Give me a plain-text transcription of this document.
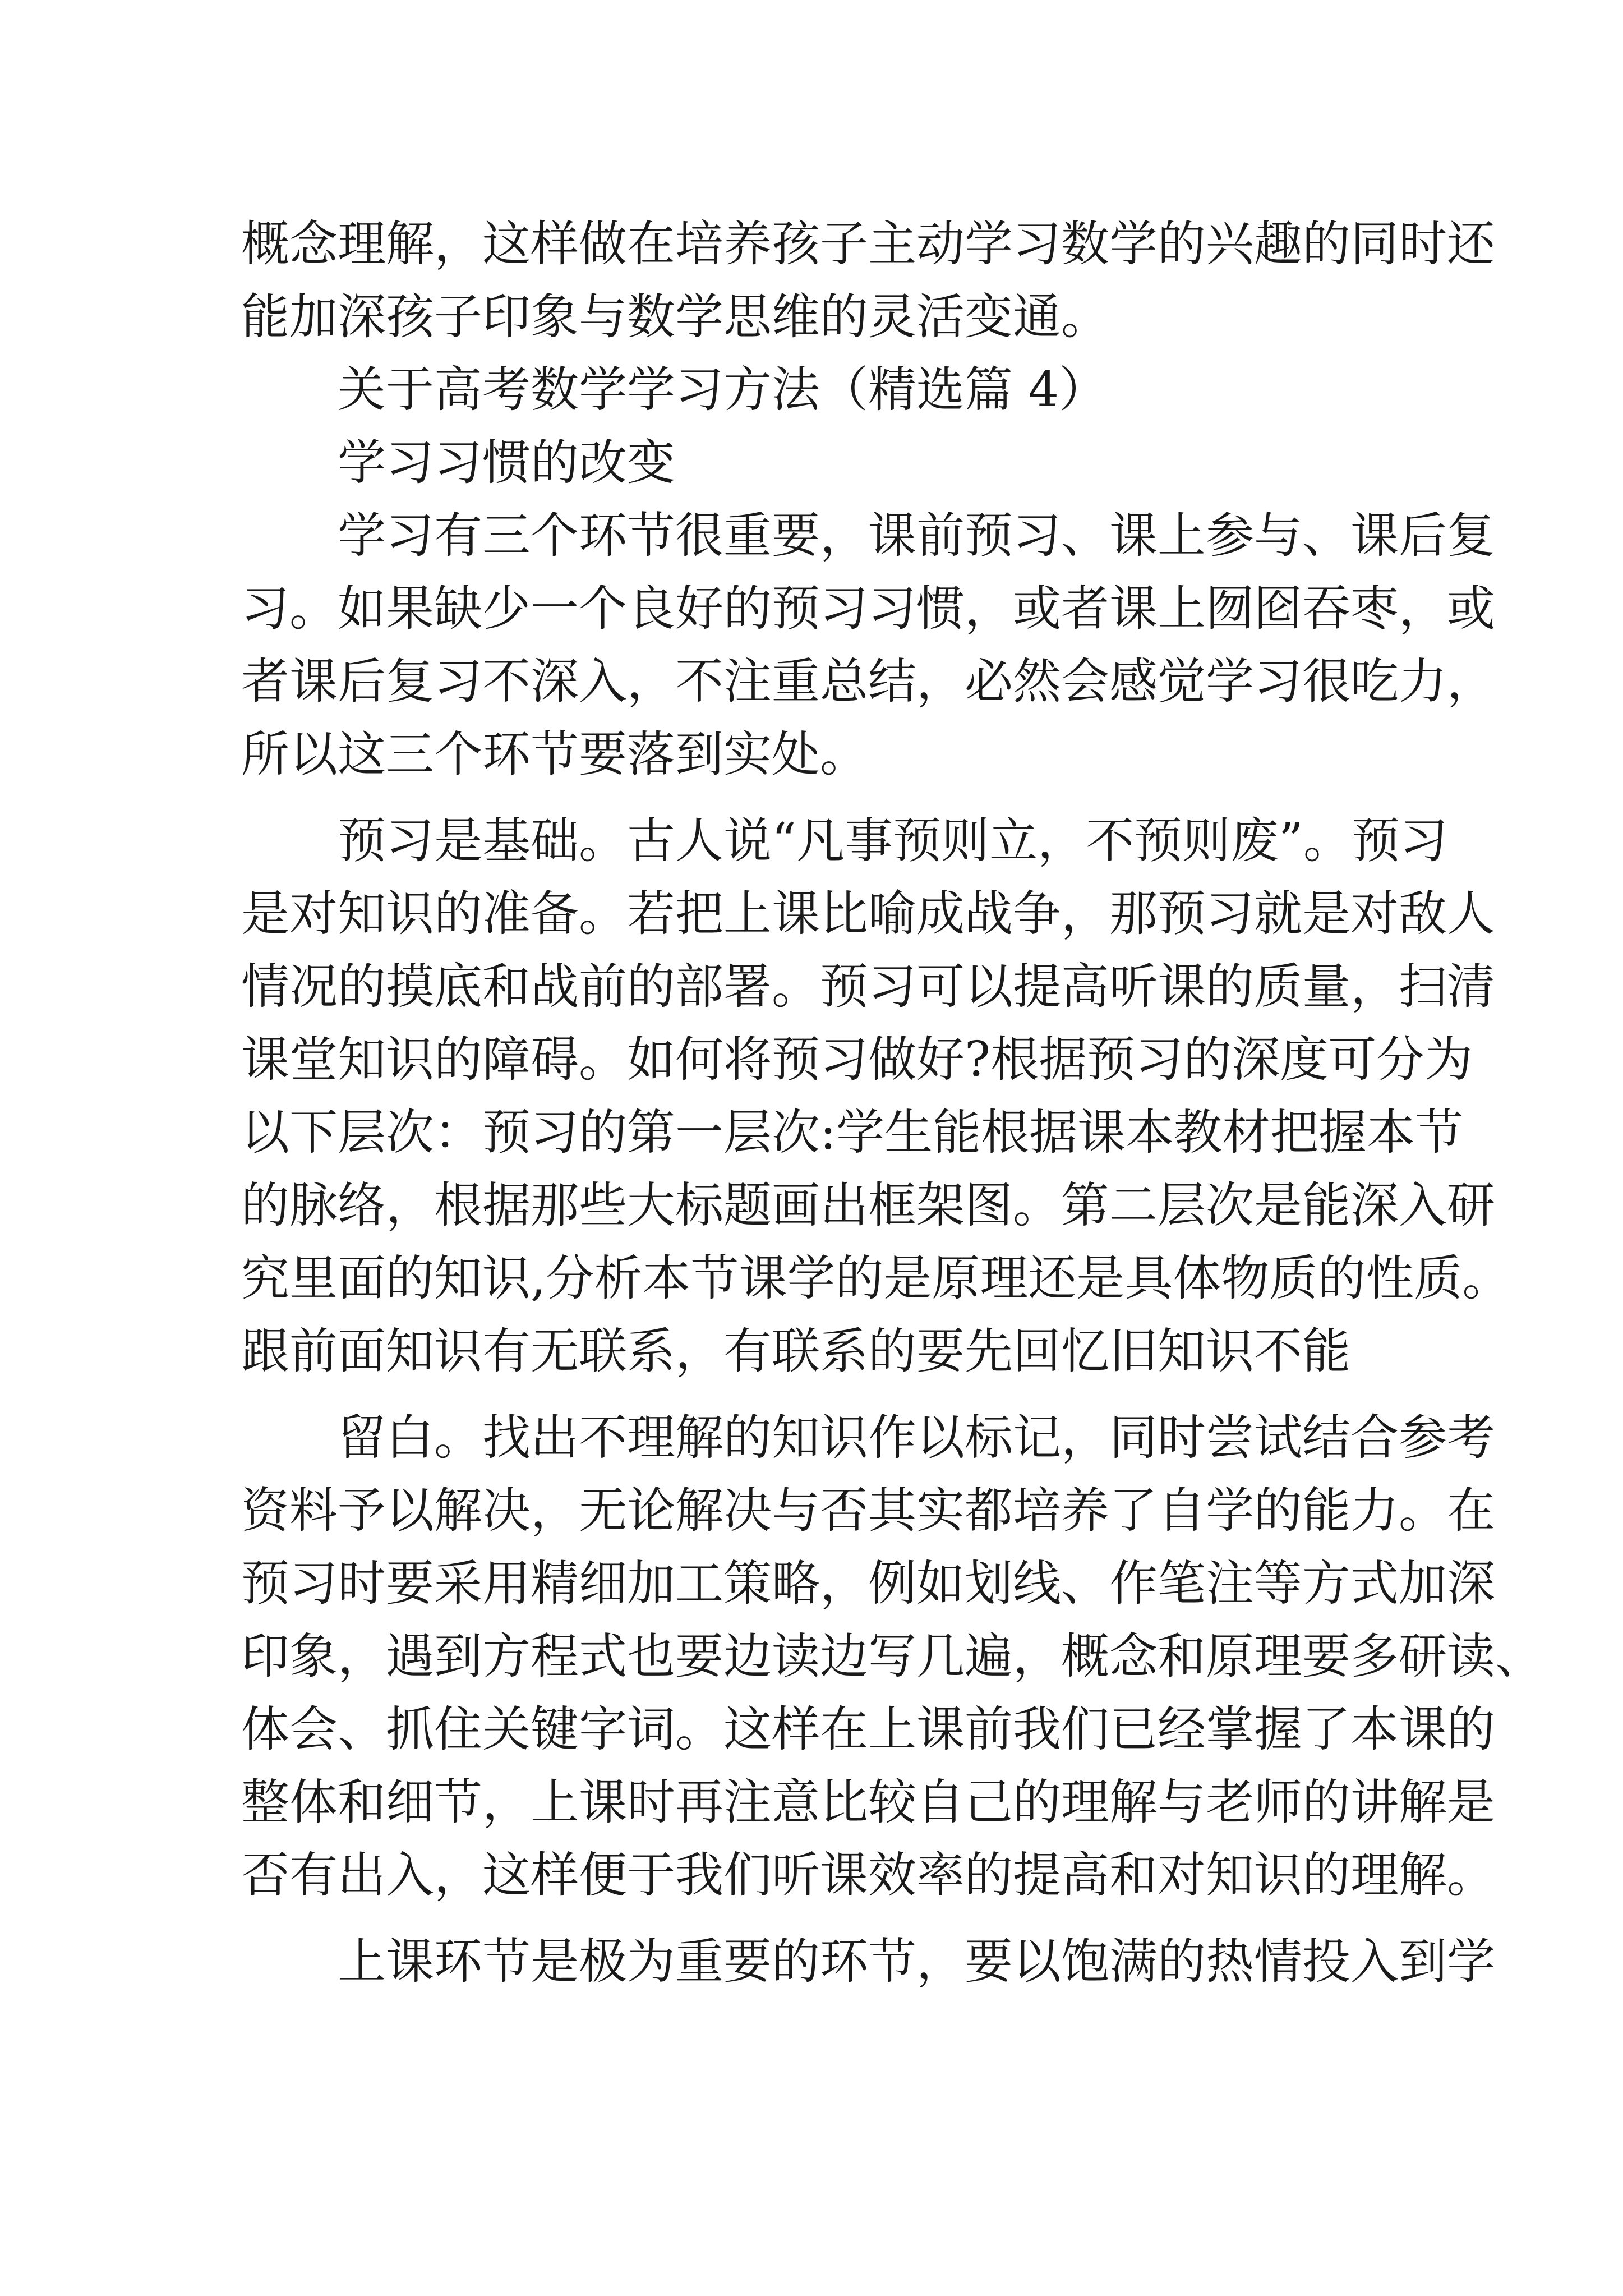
概念理解，这样做在培养孩子主动学习数学的兴趣的同时还
能加深孩子印象与数学思维的灵活变通。
关于高考数学学习方法（精选篇 4）
学习习惯的改变
学习有三个环节很重要，课前预习、课上参与、课后复
习。如果缺少一个良好的预习习惯，或者课上囫囵吞枣，或
者课后复习不深入，不注重总结，必然会感觉学习很吃力，
所以这三个环节要落到实处。
预习是基础。古人说“凡事预则立，不预则废”。预习
是对知识的准备。若把上课比喻成战争，那预习就是对敌人
情况的摸底和战前的部署。预习可以提高听课的质量，扫清
课堂知识的障碍。如何将预习做好?根据预习的深度可分为
以下层次：预习的第一层次:学生能根据课本教材把握本节
的脉络，根据那些大标题画出框架图。第二层次是能深入研
究里面的知识,分析本节课学的是原理还是具体物质的性质。
跟前面知识有无联系，有联系的要先回忆旧知识不能
留白。找出不理解的知识作以标记，同时尝试结合参考
资料予以解决，无论解决与否其实都培养了自学的能力。在
预习时要采用精细加工策略，例如划线、作笔注等方式加深
印象，遇到方程式也要边读边写几遍，概念和原理要多研读、
体会、抓住关键字词。这样在上课前我们已经掌握了本课的
整体和细节，上课时再注意比较自己的理解与老师的讲解是
否有出入，这样便于我们听课效率的提高和对知识的理解。
上课环节是极为重要的环节，要以饱满的热情投入到学
